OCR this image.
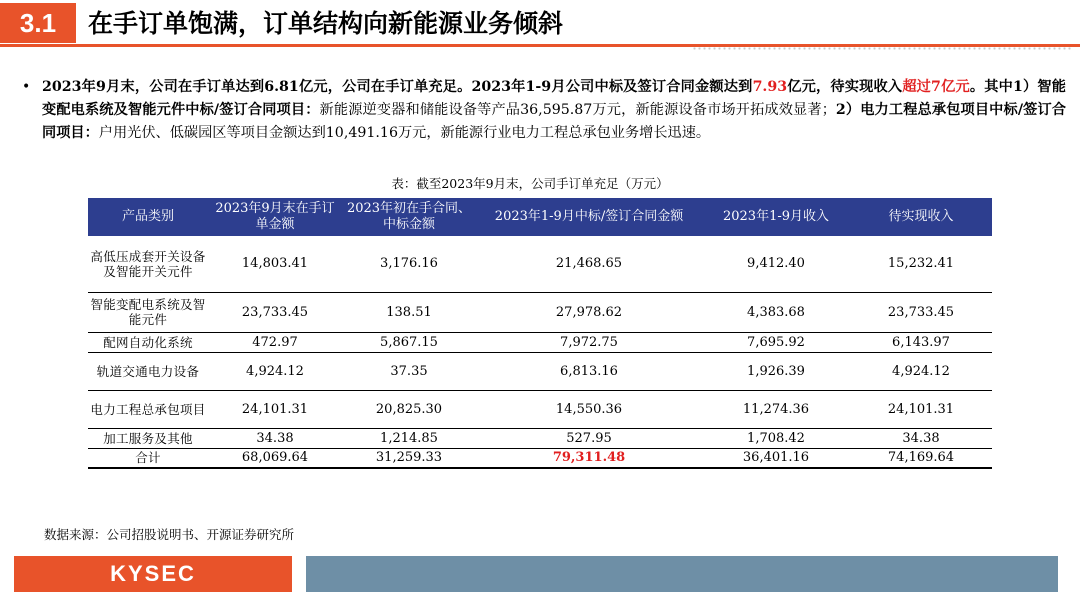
3.1	在手订单饱满，订单结构向新能源业务倾斜
• 2023年9月末，公司在手订单达到6.81亿元，公司在手订单充足。2023年1-9月公司中标及签订合同金额达到7.93亿元，待实现收入超过7亿元。其中1）智能变配电系统及智能元件中标/签订合同项目：新能源逆变器和储能设备等产品36,595.87万元，新能源设备市场开拓成效显著；2）电力工程总承包项目中标/签订合同项目：户用光伏、低碳园区等项目金额达到10,491.16万元，新能源行业电力工程总承包业务增长迅速。
表：截至2023年9月末，公司手订单充足（万元）
产品类别	2023年9月末在手订单金额	2023年初在手合同、中标金额	2023年1-9月中标/签订合同金额	2023年1-9月收入	待实现收入
高低压成套开关设备及智能开关元件	14,803.41	3,176.16	21,468.65	9,412.40	15,232.41
智能变配电系统及智能元件	23,733.45	138.51	27,978.62	4,383.68	23,733.45
配网自动化系统	472.97	5,867.15	7,972.75	7,695.92	6,143.97
轨道交通电力设备	4,924.12	37.35	6,813.16	1,926.39	4,924.12
电力工程总承包项目	24,101.31	20,825.30	14,550.36	11,274.36	24,101.31
加工服务及其他	34.38	1,214.85	527.95	1,708.42	34.38
合计	68,069.64	31,259.33	79,311.48	36,401.16	74,169.64
数据来源：公司招股说明书、开源证券研究所
KYSEC
